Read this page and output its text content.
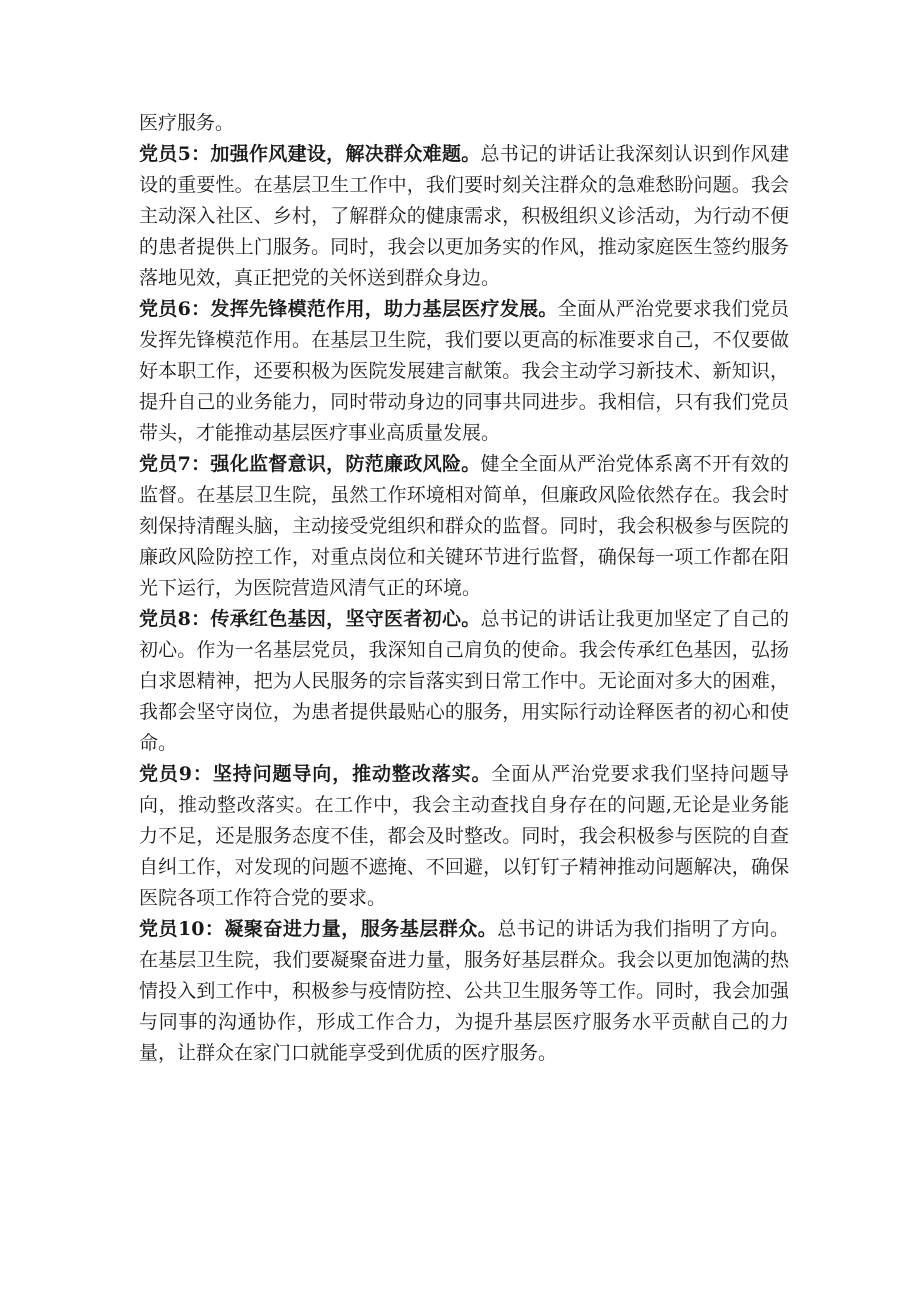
医疗服务。

党员5：加强作风建设，解决群众难题。总书记的讲话让我深刻认识到作风建设的重要性。在基层卫生工作中，我们要时刻关注群众的急难愁盼问题。我会主动深入社区、乡村，了解群众的健康需求，积极组织义诊活动，为行动不便的患者提供上门服务。同时，我会以更加务实的作风，推动家庭医生签约服务落地见效，真正把党的关怀送到群众身边。

党员6：发挥先锋模范作用，助力基层医疗发展。全面从严治党要求我们党员发挥先锋模范作用。在基层卫生院，我们要以更高的标准要求自己，不仅要做好本职工作，还要积极为医院发展建言献策。我会主动学习新技术、新知识，提升自己的业务能力，同时带动身边的同事共同进步。我相信，只有我们党员带头，才能推动基层医疗事业高质量发展。

党员7：强化监督意识，防范廉政风险。健全全面从严治党体系离不开有效的监督。在基层卫生院，虽然工作环境相对简单，但廉政风险依然存在。我会时刻保持清醒头脑，主动接受党组织和群众的监督。同时，我会积极参与医院的廉政风险防控工作，对重点岗位和关键环节进行监督，确保每一项工作都在阳光下运行，为医院营造风清气正的环境。

党员8：传承红色基因，坚守医者初心。总书记的讲话让我更加坚定了自己的初心。作为一名基层党员，我深知自己肩负的使命。我会传承红色基因，弘扬白求恩精神，把为人民服务的宗旨落实到日常工作中。无论面对多大的困难，我都会坚守岗位，为患者提供最贴心的服务，用实际行动诠释医者的初心和使命。

党员9：坚持问题导向，推动整改落实。全面从严治党要求我们坚持问题导向，推动整改落实。在工作中，我会主动查找自身存在的问题,无论是业务能力不足，还是服务态度不佳，都会及时整改。同时，我会积极参与医院的自查自纠工作，对发现的问题不遮掩、不回避，以钉钉子精神推动问题解决，确保医院各项工作符合党的要求。

党员10：凝聚奋进力量，服务基层群众。总书记的讲话为我们指明了方向。在基层卫生院，我们要凝聚奋进力量，服务好基层群众。我会以更加饱满的热情投入到工作中，积极参与疫情防控、公共卫生服务等工作。同时，我会加强与同事的沟通协作，形成工作合力，为提升基层医疗服务水平贡献自己的力量，让群众在家门口就能享受到优质的医疗服务。
